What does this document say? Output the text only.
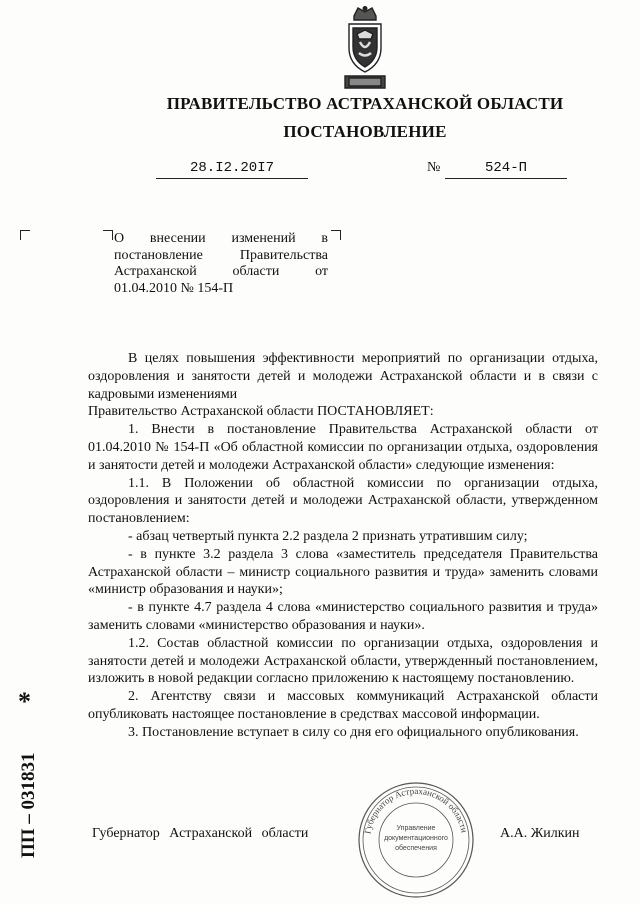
ПРАВИТЕЛЬСТВО АСТРАХАНСКОЙ ОБЛАСТИ
ПОСТАНОВЛЕНИЕ
28.I2.20I7	№	524-П
О внесении изменений в
постановление Правительства
Астраханской области от
01.04.2010 № 154-П

В целях повышения эффективности мероприятий по организации отдыха, оздоровления и занятости детей и молодежи Астраханской области и в связи с кадровыми изменениями

Правительство Астраханской области ПОСТАНОВЛЯЕТ:

1. Внести в постановление Правительства Астраханской области от 01.04.2010 № 154-П «Об областной комиссии по организации отдыха, оздоровления и занятости детей и молодежи Астраханской области» следующие изменения:

1.1. В Положении об областной комиссии по организации отдыха, оздоровления и занятости детей и молодежи Астраханской области, утвержденном постановлением:

- абзац четвертый пункта 2.2 раздела 2 признать утратившим силу;

- в пункте 3.2 раздела 3 слова «заместитель председателя Правительства Астраханской области – министр социального развития и труда» заменить словами «министр образования и науки»;

- в пункте 4.7 раздела 4 слова «министерство социального развития и труда» заменить словами «министерство образования и науки».

1.2. Состав областной комиссии по организации отдыха, оздоровления и занятости детей и молодежи Астраханской области, утвержденный постановлением, изложить в новой редакции согласно приложению к настоящему постановлению.

2. Агентству связи и массовых коммуникаций Астраханской области опубликовать настоящее постановление в средствах массовой информации.

3. Постановление вступает в силу со дня его официального опубликования.

Губернатор Астраханской области	А.А. Жилкин
Губернатор Астраханской области
Управление
документационного
обеспечения
ПП – 031831
*
